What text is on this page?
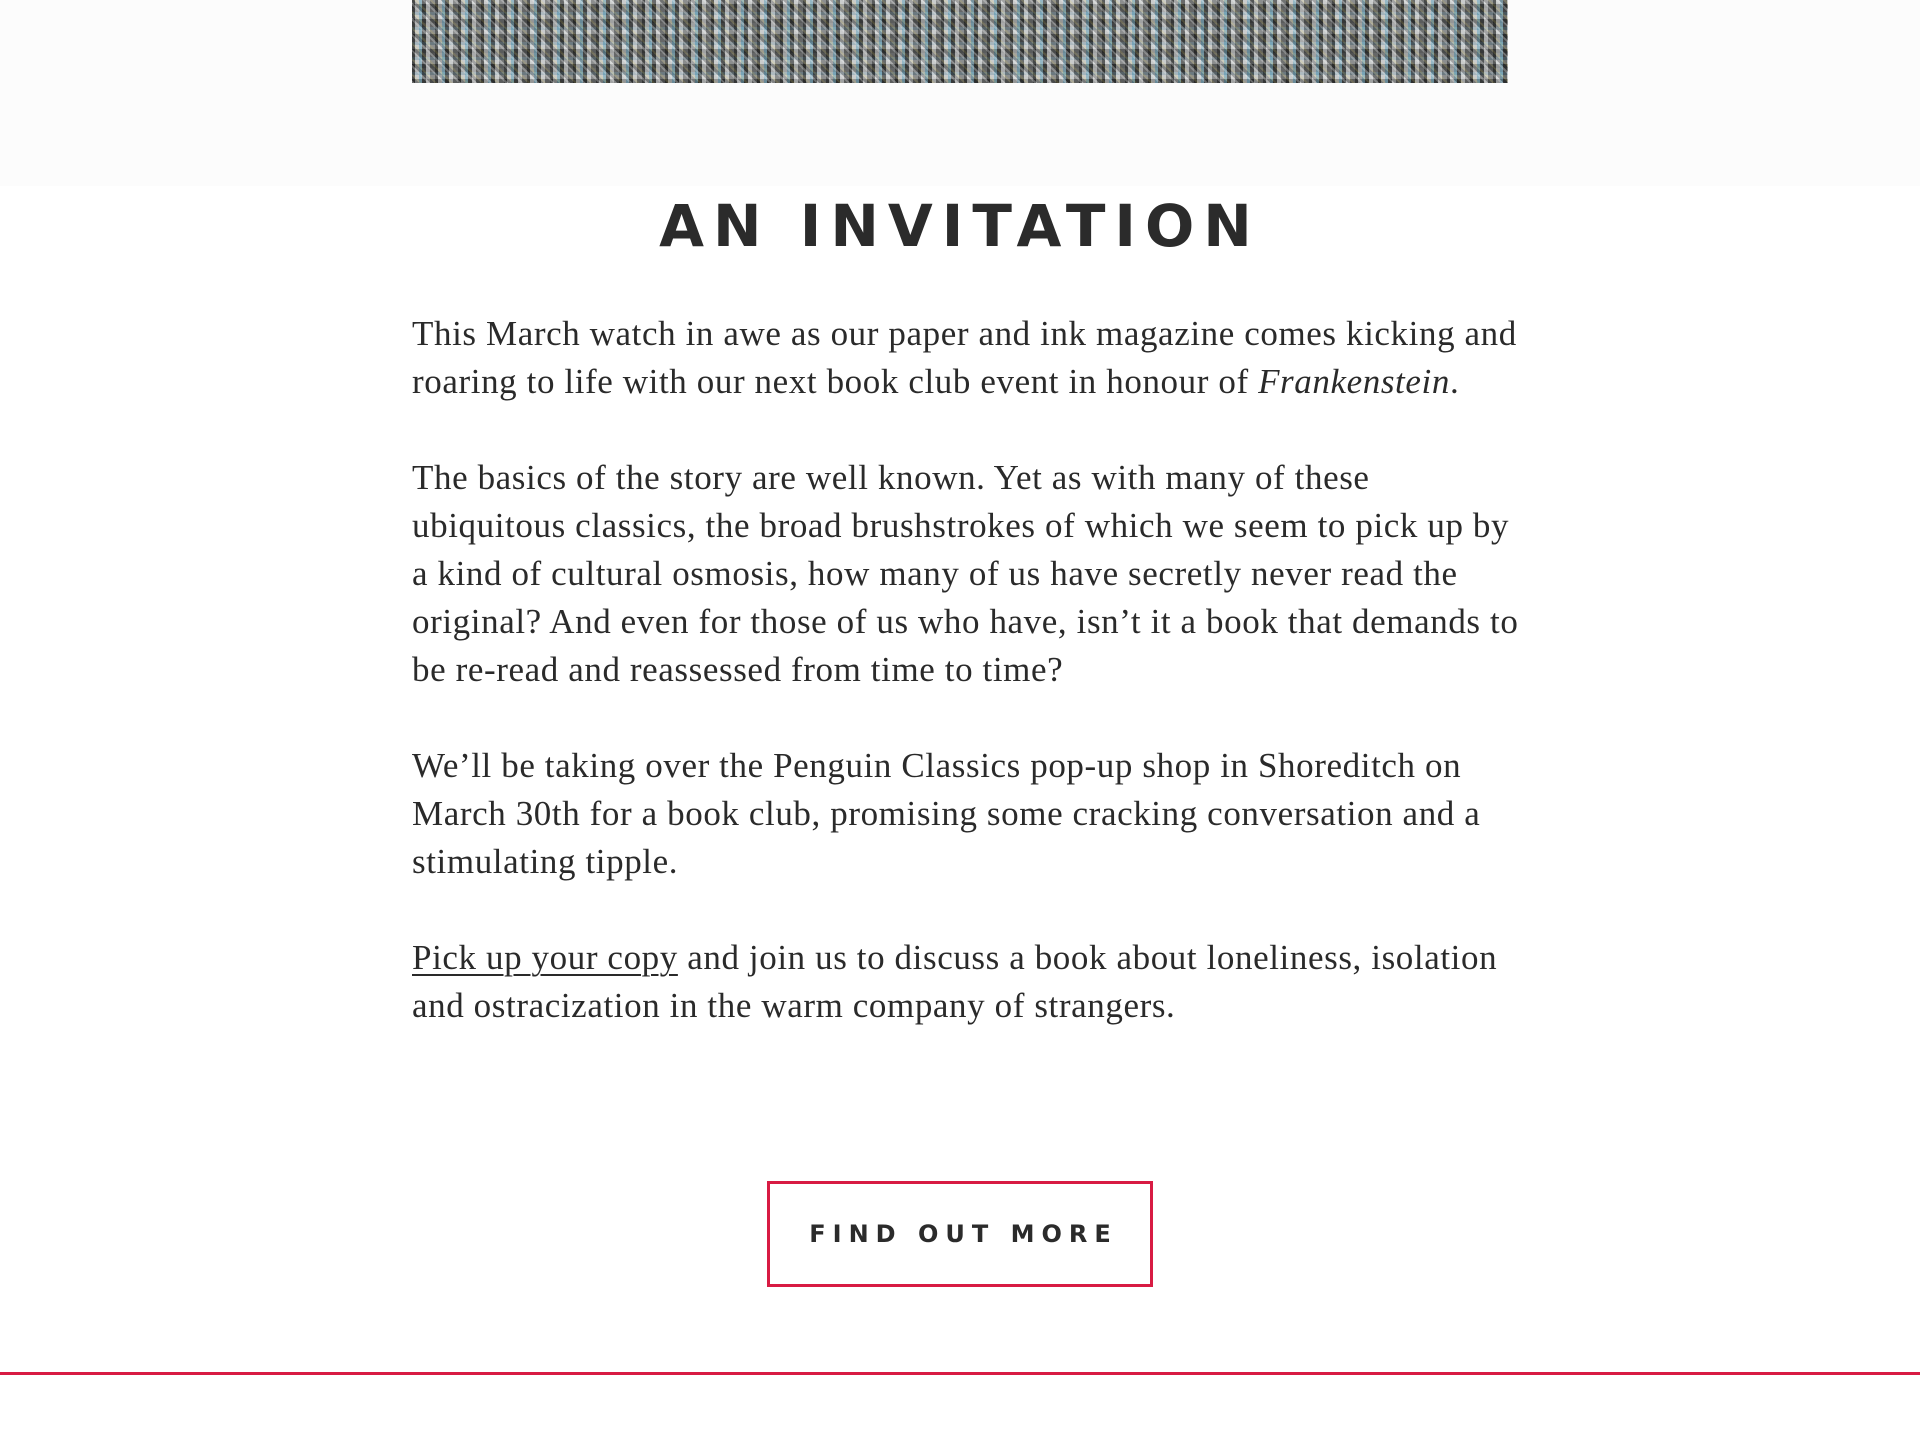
AN INVITATION

This March watch in awe as our paper and ink magazine comes kicking and roaring to life with our next book club event in honour of Frankenstein.

The basics of the story are well known. Yet as with many of these ubiquitous classics, the broad brushstrokes of which we seem to pick up by a kind of cultural osmosis, how many of us have secretly never read the original? And even for those of us who have, isn’t it a book that demands to be re-read and reassessed from time to time?

We’ll be taking over the Penguin Classics pop-up shop in Shoreditch on March 30th for a book club, promising some cracking conversation and a stimulating tipple.

Pick up your copy and join us to discuss a book about loneliness, isolation and ostracization in the warm company of strangers.

FIND OUT MORE
